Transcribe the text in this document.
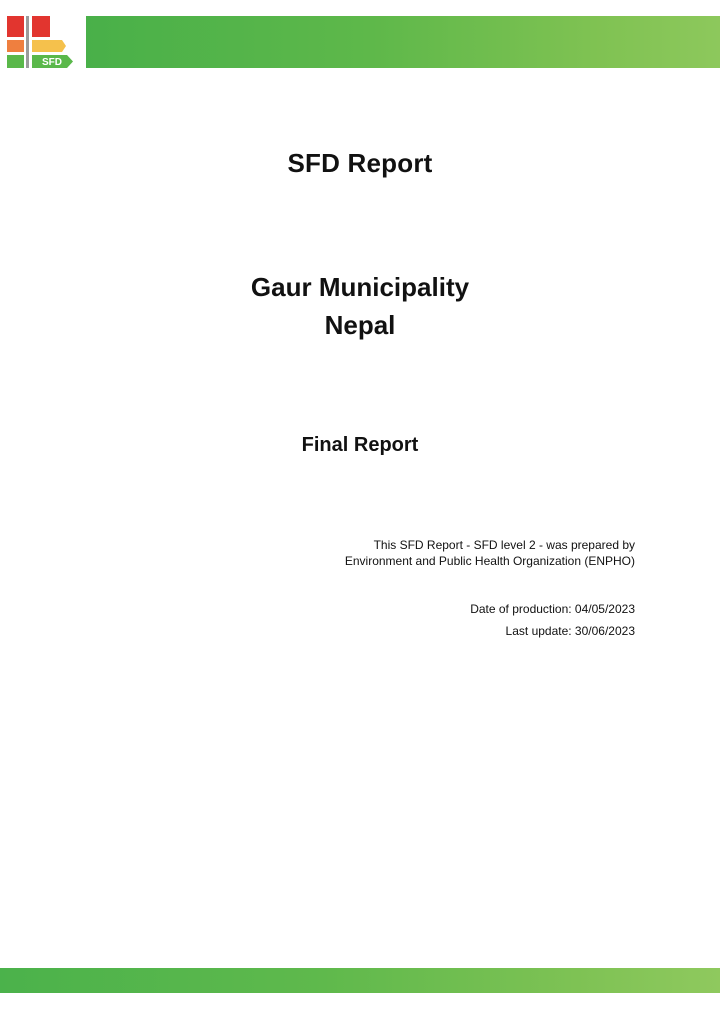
SFD
SFD Report
Gaur Municipality
Nepal
Final Report
This SFD Report - SFD level 2 - was prepared by
Environment and Public Health Organization (ENPHO)
Date of production: 04/05/2023
Last update: 30/06/2023
